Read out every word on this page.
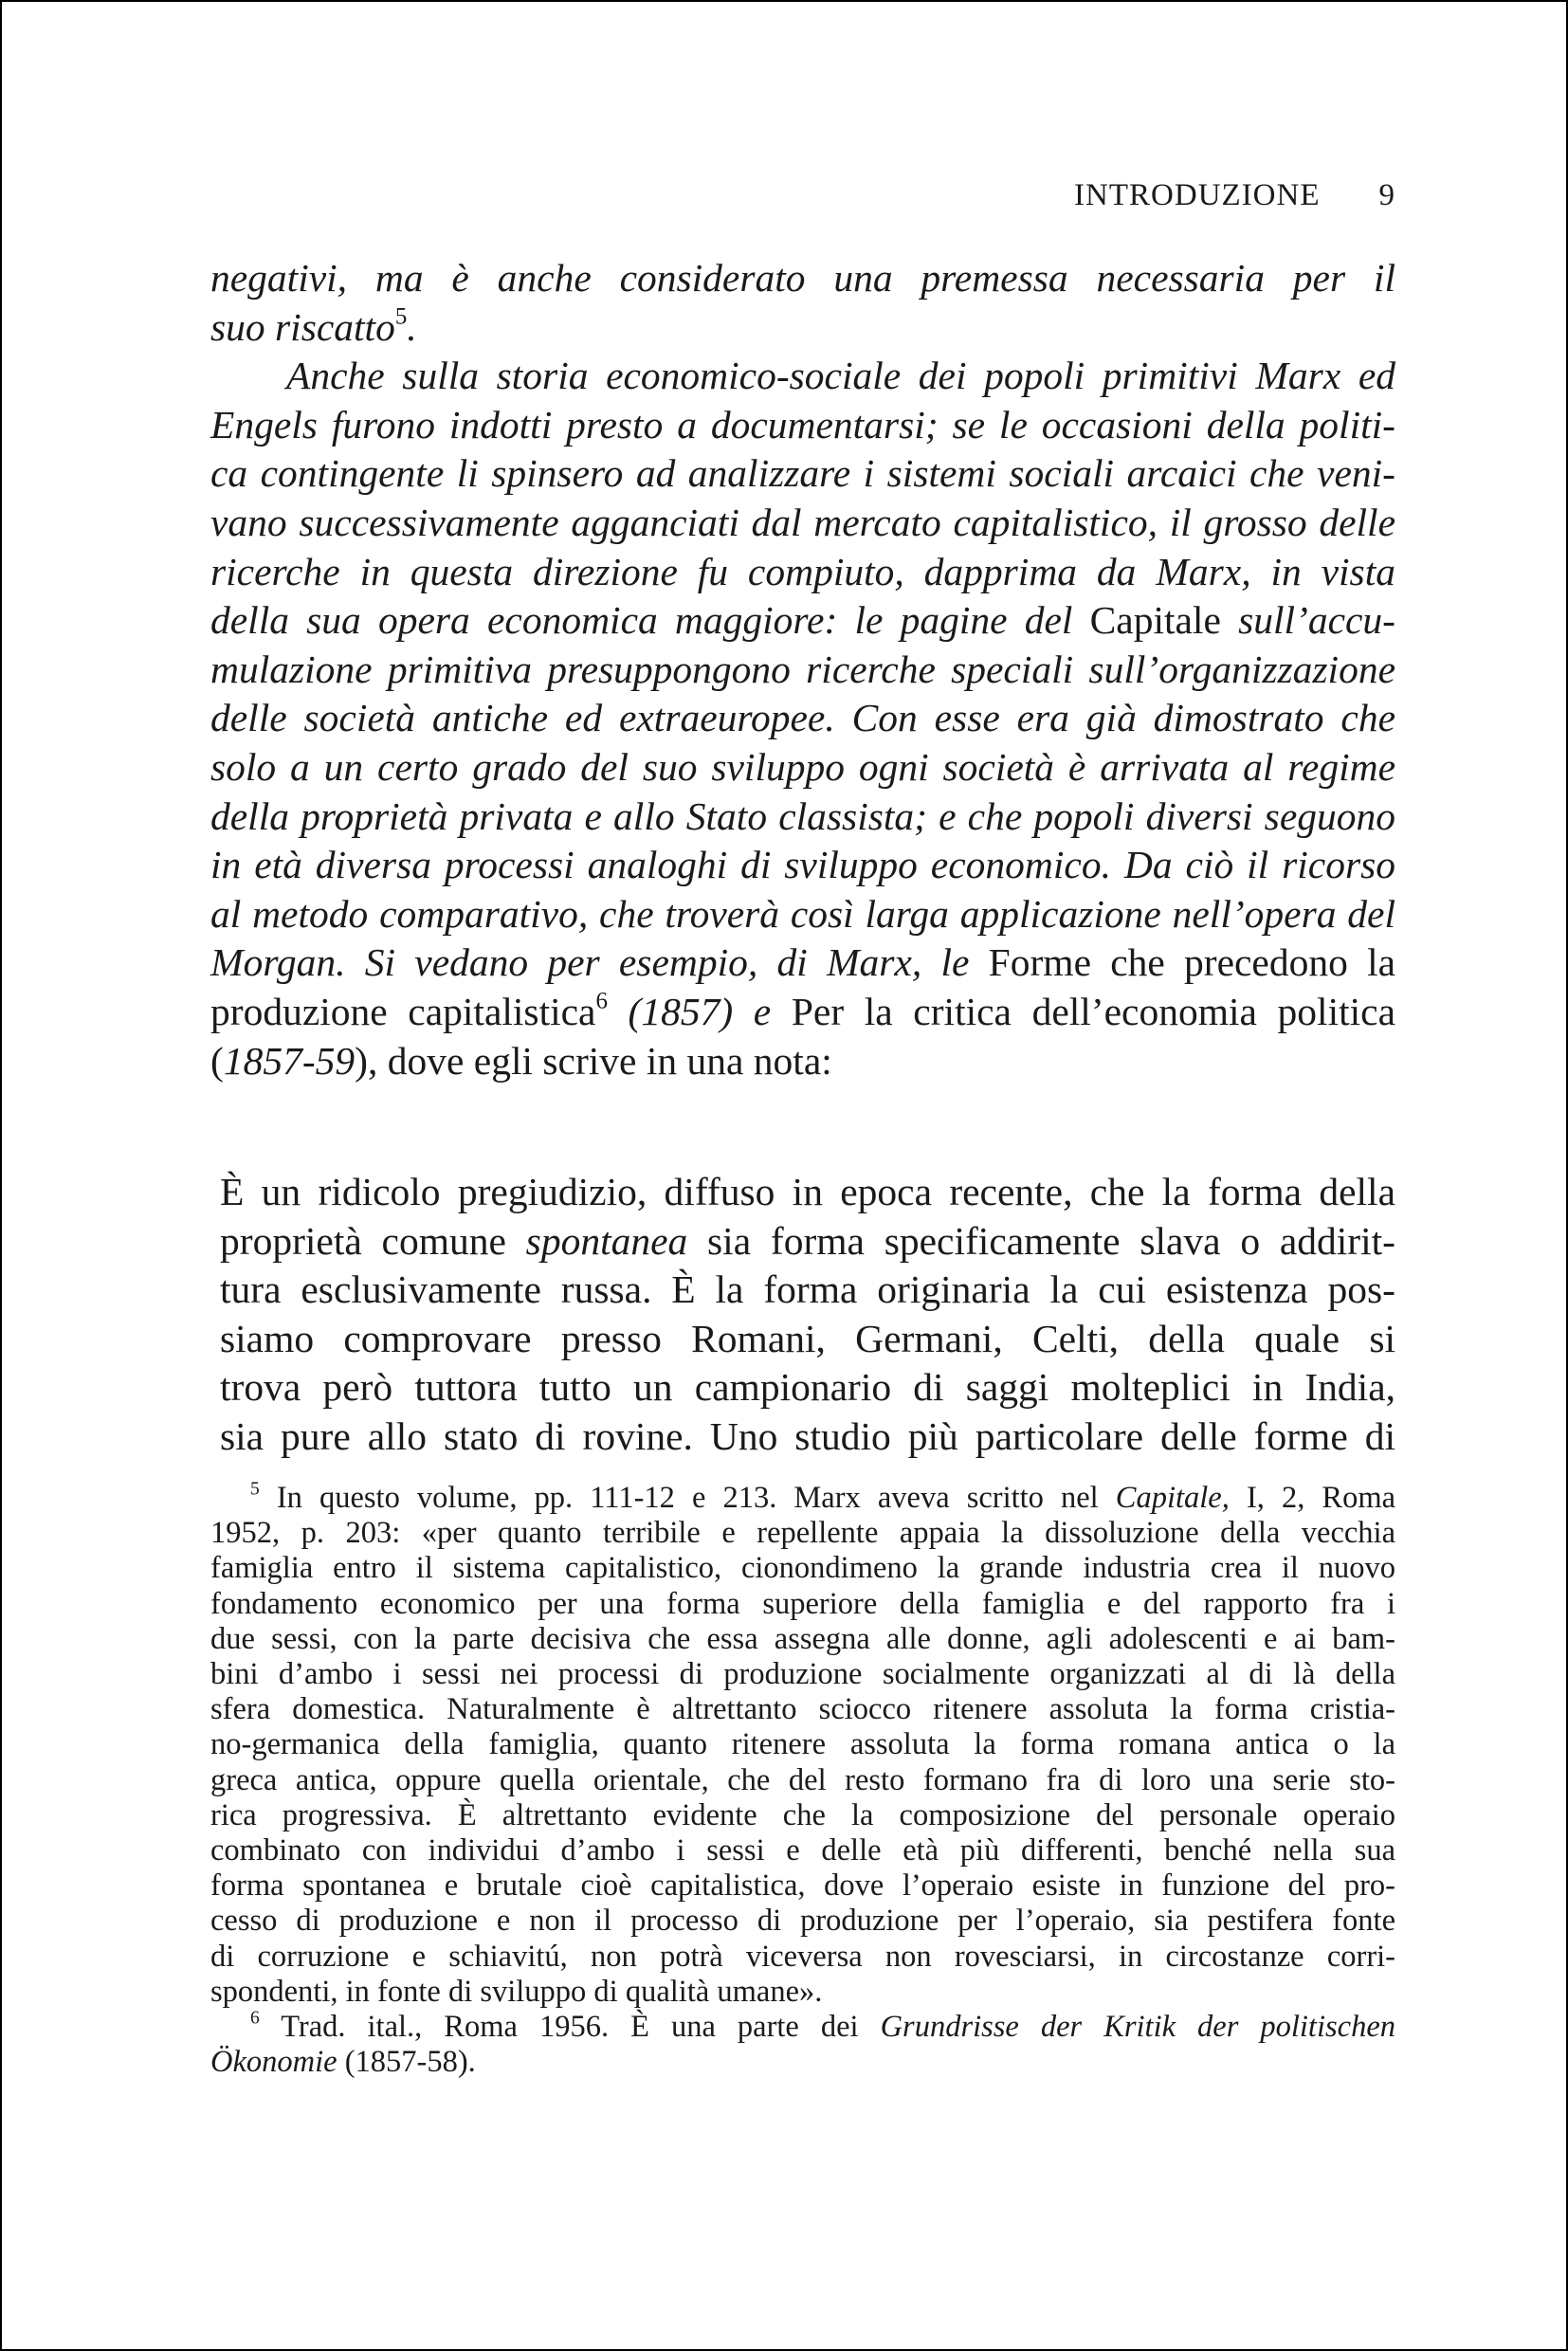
INTRODUZIONE 9
negativi, ma è anche considerato una premessa necessaria per il
suo riscatto$^5$.
Anche sulla storia economico-sociale dei popoli primitivi Marx ed
Engels furono indotti presto a documentarsi; se le occasioni della politi-
ca contingente li spinsero ad analizzare i sistemi sociali arcaici che veni-
vano successivamente agganciati dal mercato capitalistico, il grosso delle
ricerche in questa direzione fu compiuto, dapprima da Marx, in vista
della sua opera economica maggiore: le pagine del Capitale sull’accu-
mulazione primitiva presuppongono ricerche speciali sull’organizzazione
delle società antiche ed extraeuropee. Con esse era già dimostrato che
solo a un certo grado del suo sviluppo ogni società è arrivata al regime
della proprietà privata e allo Stato classista; e che popoli diversi seguono
in età diversa processi analoghi di sviluppo economico. Da ciò il ricorso
al metodo comparativo, che troverà così larga applicazione nell’opera del
Morgan. Si vedano per esempio, di Marx, le Forme che precedono la
produzione capitalistica$^6$ (1857) e Per la critica dell’economia politica
(1857-59), dove egli scrive in una nota:
È un ridicolo pregiudizio, diffuso in epoca recente, che la forma della
proprietà comune spontanea sia forma specificamente slava o addirit-
tura esclusivamente russa. È la forma originaria la cui esistenza pos-
siamo comprovare presso Romani, Germani, Celti, della quale si
trova però tuttora tutto un campionario di saggi molteplici in India,
sia pure allo stato di rovine. Uno studio più particolare delle forme di
$^5$ In questo volume, pp. 111-12 e 213. Marx aveva scritto nel Capitale, I, 2, Roma
1952, p. 203: «per quanto terribile e repellente appaia la dissoluzione della vecchia
famiglia entro il sistema capitalistico, cionondimeno la grande industria crea il nuovo
fondamento economico per una forma superiore della famiglia e del rapporto fra i
due sessi, con la parte decisiva che essa assegna alle donne, agli adolescenti e ai bam-
bini d’ambo i sessi nei processi di produzione socialmente organizzati al di là della
sfera domestica. Naturalmente è altrettanto sciocco ritenere assoluta la forma cristia-
no-germanica della famiglia, quanto ritenere assoluta la forma romana antica o la
greca antica, oppure quella orientale, che del resto formano fra di loro una serie sto-
rica progressiva. È altrettanto evidente che la composizione del personale operaio
combinato con individui d’ambo i sessi e delle età più differenti, benché nella sua
forma spontanea e brutale cioè capitalistica, dove l’operaio esiste in funzione del pro-
cesso di produzione e non il processo di produzione per l’operaio, sia pestifera fonte
di corruzione e schiavitú, non potrà viceversa non rovesciarsi, in circostanze corri-
spondenti, in fonte di sviluppo di qualità umane».
$^6$ Trad. ital., Roma 1956. È una parte dei Grundrisse der Kritik der politischen
Ökonomie (1857-58).
